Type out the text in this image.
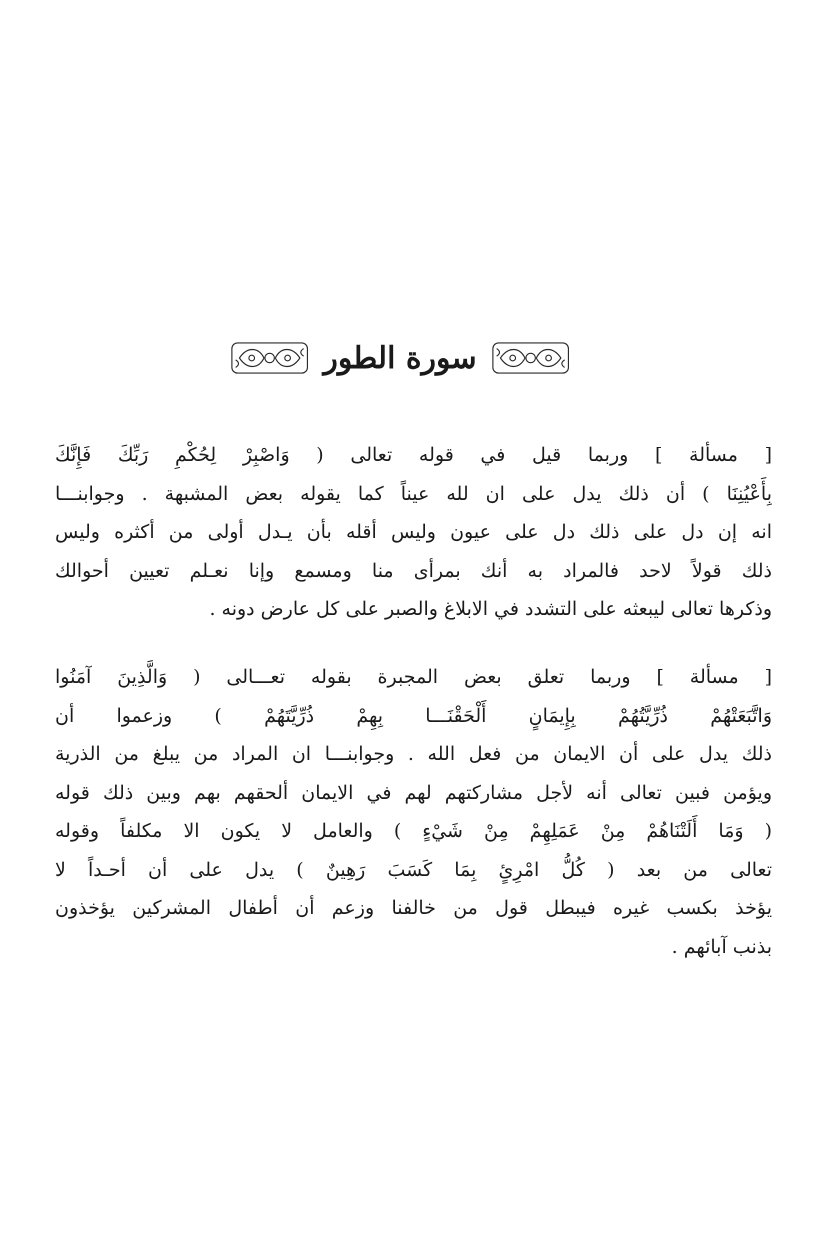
سورة الطور
[ مسألة ] وربما قيل في قوله تعالى ( وَاصْبِرْ لِحُكْمِ رَبِّكَ فَإِنَّكَ
بِأَعْيُنِنَا ) أن ذلك يدل على ان لله عيناً كما يقوله بعض المشبهة . وجوابنـــا
انه إن دل على ذلك دل على عيون وليس أقله بأن يـدل أولى من أكثره وليس
ذلك قولاً لاحد فالمراد به أنك بمرأى منا ومسمع وإنا نعـلم تعيين أحوالك
وذكرها تعالى ليبعثه على التشدد في الابلاغ والصبر على كل عارض دونه .
[ مسألة ] وربما تعلق بعض المجبرة بقوله تعـــالى ( وَالَّذِينَ آمَنُوا
وَاتَّبَعَتْهُمْ ذُرِّيَّتُهُمْ بِإِيمَانٍ أَلْحَقْنَـــا بِهِمْ ذُرِّيَّتَهُمْ ) وزعموا أن
ذلك يدل على أن الايمان من فعل الله . وجوابنـــا ان المراد من يبلغ من الذرية
ويؤمن فبين تعالى أنه لأجل مشاركتهم لهم في الايمان ألحقهم بهم وبين ذلك قوله
( وَمَا أَلَتْنَاهُمْ مِنْ عَمَلِهِمْ مِنْ شَيْءٍ ) والعامل لا يكون الا مكلفاً وقوله
تعالى من بعد ( كُلُّ امْرِئٍ بِمَا كَسَبَ رَهِينٌ ) يدل على أن أحـداً لا
يؤخذ بكسب غيره فيبطل قول من خالفنا وزعم أن أطفال المشركين يؤخذون
بذنب آبائهم .
